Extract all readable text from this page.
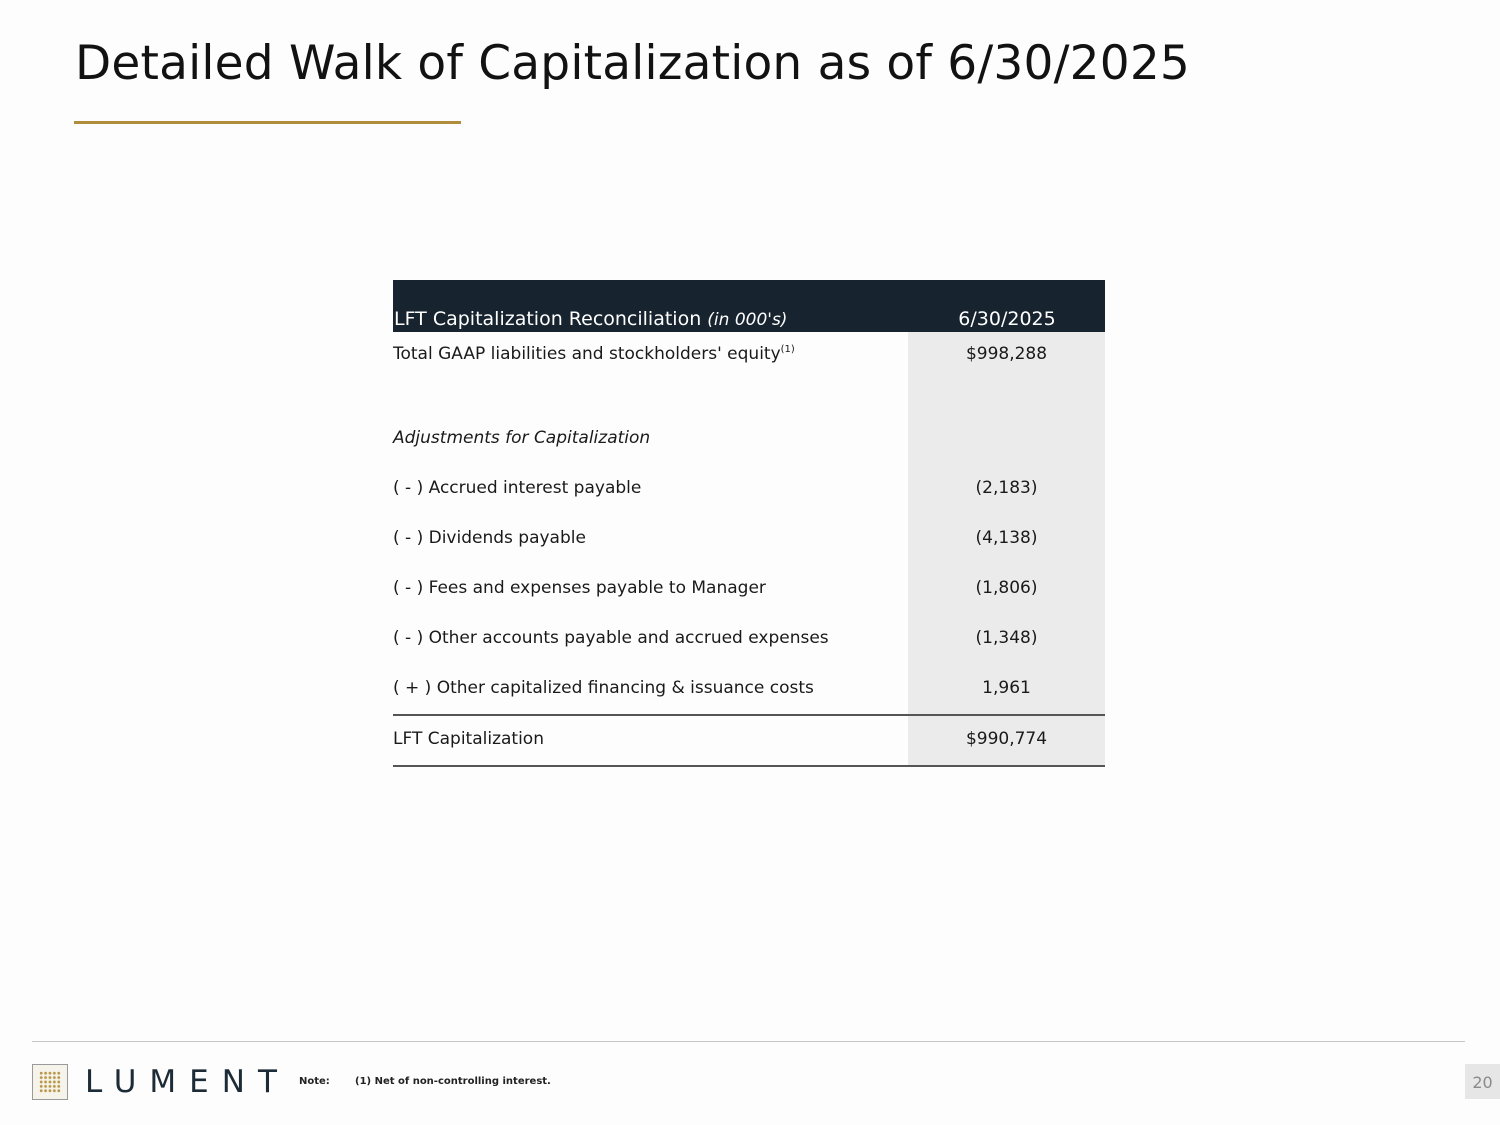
Detailed Walk of Capitalization as of 6/30/2025
LFT Capitalization Reconciliation (in 000's)	6/30/2025
Total GAAP liabilities and stockholders' equity$^{(1)}$	$998,288
Adjustments for Capitalization
( - ) Accrued interest payable	(2,183)
( - ) Dividends payable	(4,138)
( - ) Fees and expenses payable to Manager	(1,806)
( - ) Other accounts payable and accrued expenses	(1,348)
( + ) Other capitalized financing & issuance costs	1,961
LFT Capitalization	$990,774
LUMENT Note:	(1) Net of non-controlling interest.	20
